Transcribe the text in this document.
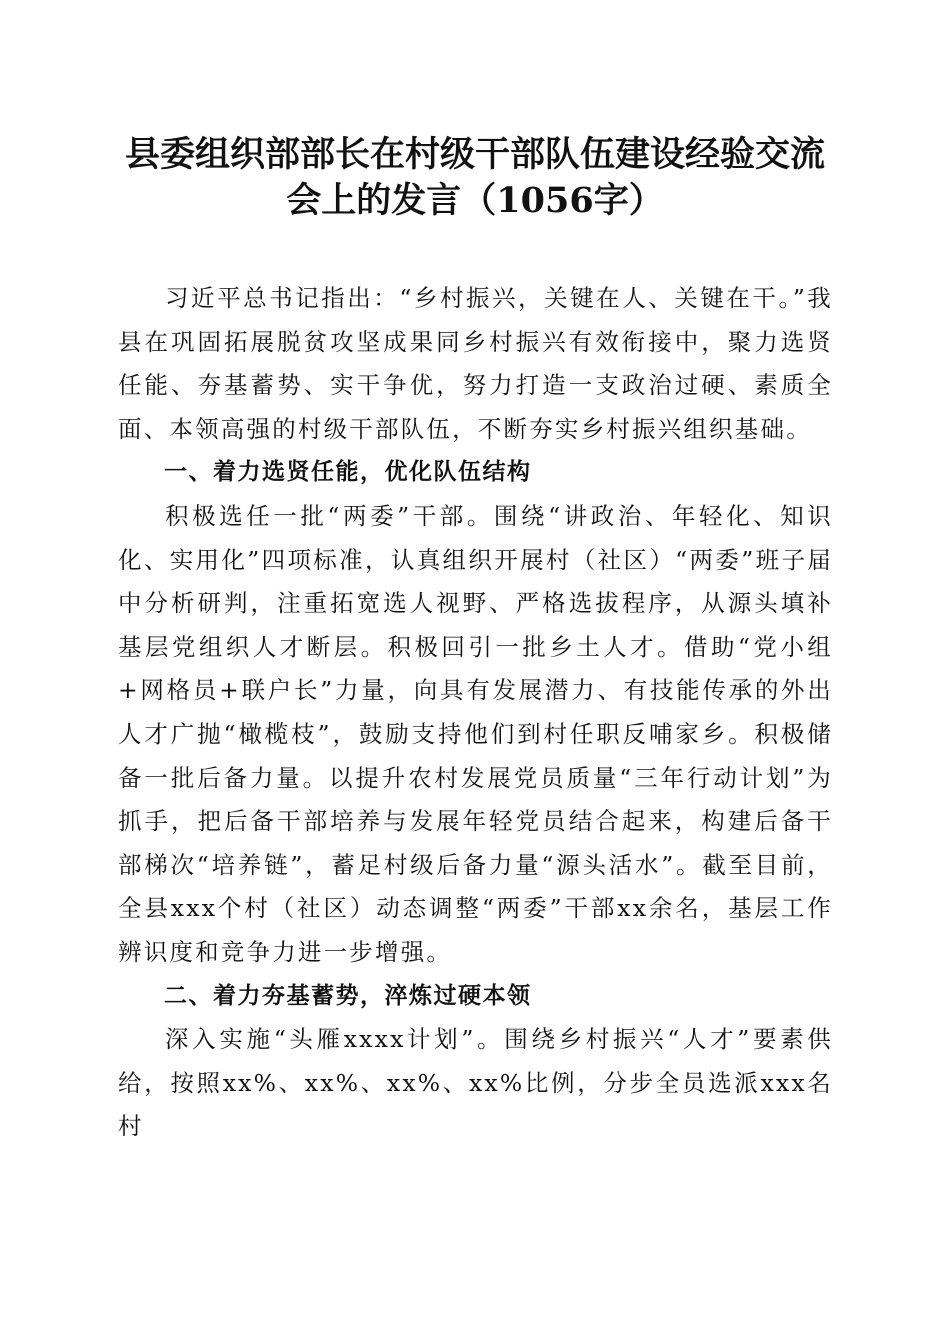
县委组织部部长在村级干部队伍建设经验交流
会上的发言（1056字）

习近平总书记指出：“乡村振兴，关键在人、关键在干。”我县在巩固拓展脱贫攻坚成果同乡村振兴有效衔接中，聚力选贤任能、夯基蓄势、实干争优，努力打造一支政治过硬、素质全面、本领高强的村级干部队伍，不断夯实乡村振兴组织基础。

一、着力选贤任能，优化队伍结构

积极选任一批“两委”干部。围绕“讲政治、年轻化、知识化、实用化”四项标准，认真组织开展村（社区）“两委”班子届中分析研判，注重拓宽选人视野、严格选拔程序，从源头填补基层党组织人才断层。积极回引一批乡土人才。借助“党小组+网格员+联户长”力量，向具有发展潜力、有技能传承的外出人才广抛“橄榄枝”，鼓励支持他们到村任职反哺家乡。积极储备一批后备力量。以提升农村发展党员质量“三年行动计划”为抓手，把后备干部培养与发展年轻党员结合起来，构建后备干部梯次“培养链”，蓄足村级后备力量“源头活水”。截至目前，全县xxx个村（社区）动态调整“两委”干部xx余名，基层工作辨识度和竞争力进一步增强。

二、着力夯基蓄势，淬炼过硬本领

深入实施“头雁xxxx计划”。围绕乡村振兴“人才”要素供给，按照xx%、xx%、xx%、xx%比例，分步全员选派xxx名村
